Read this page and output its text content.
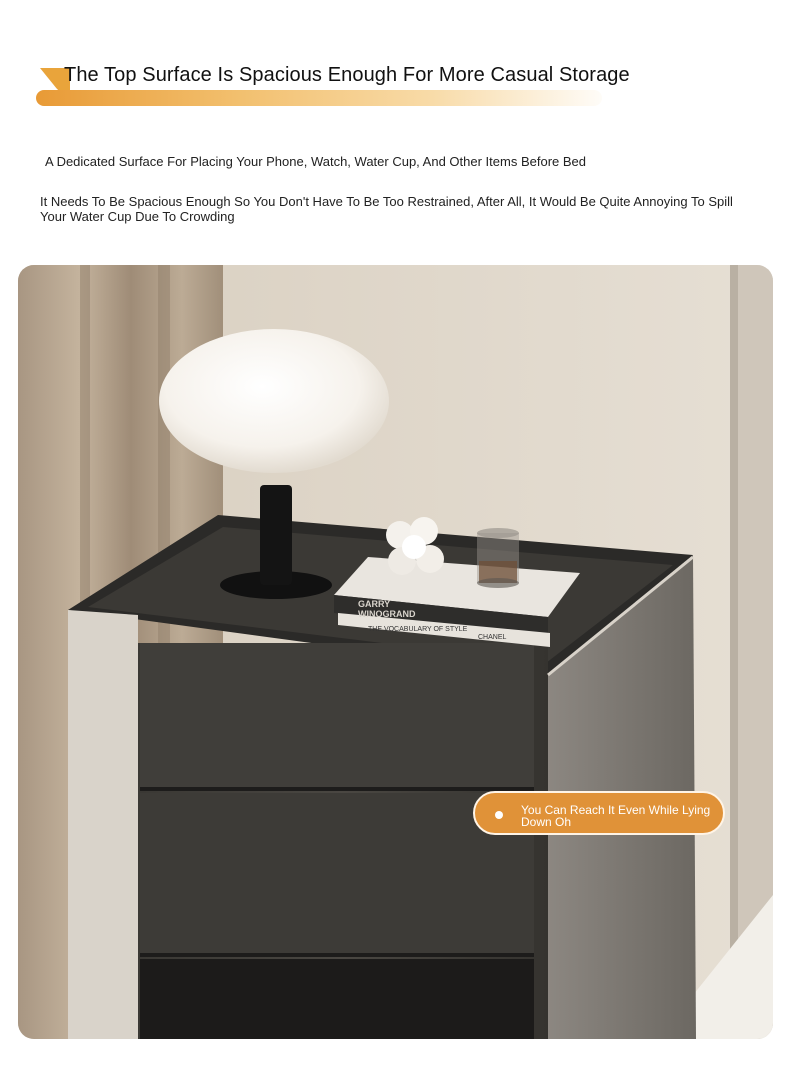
The Top Surface Is Spacious Enough For More Casual Storage

A Dedicated Surface For Placing Your Phone, Watch, Water Cup, And Other Items Before Bed

It Needs To Be Spacious Enough So You Don't Have To Be Too Restrained, After All, It Would Be Quite Annoying To Spill Your Water Cup Due To Crowding

GARRY
WINOGRAND
THE VOCABULARY OF STYLE
CHANEL
You Can Reach It Even While Lying Down Oh
